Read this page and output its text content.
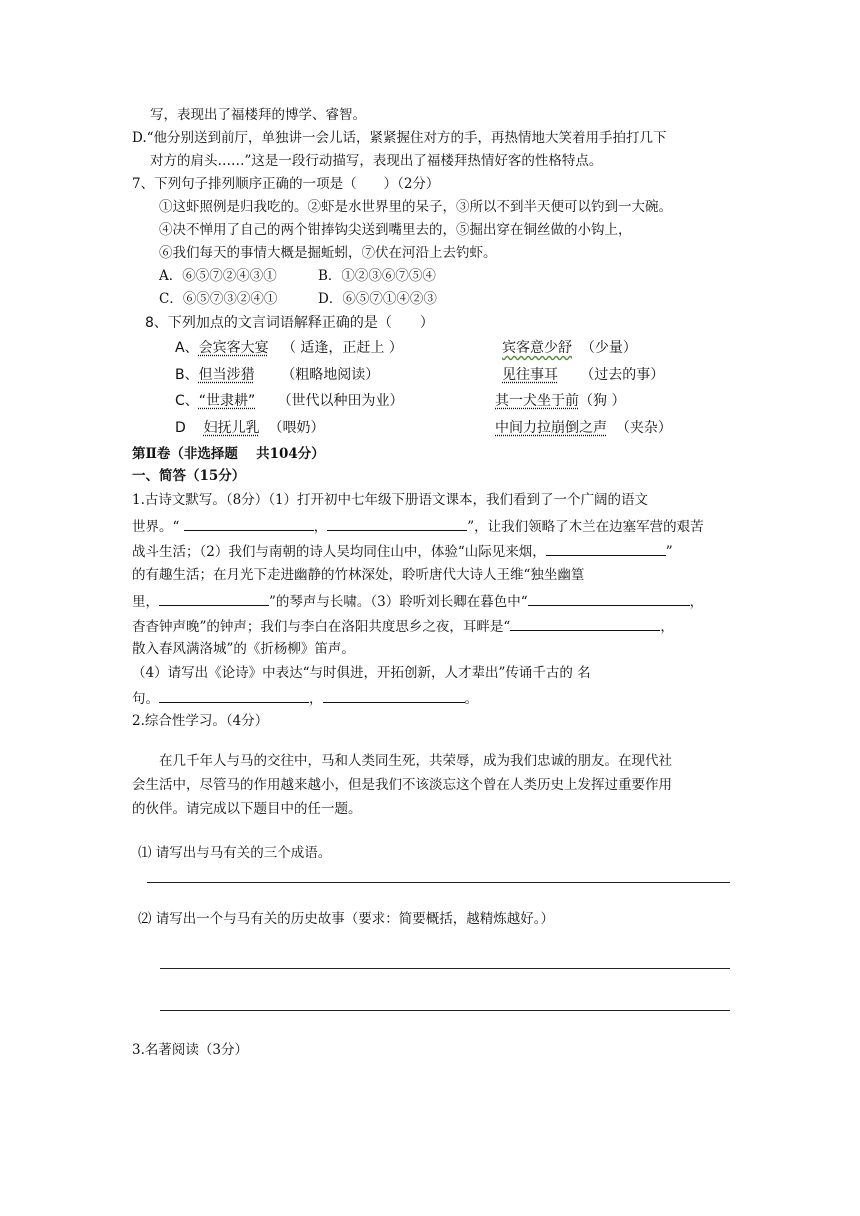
写，表现出了福楼拜的博学、睿智。
D.“他分别送到前厅，单独讲一会儿话，紧紧握住对方的手，再热情地大笑着用手拍打几下
对方的肩头……”这是一段行动描写，表现出了福楼拜热情好客的性格特点。
7、下列句子排列顺序正确的一项是（　　）（2分）
①这虾照例是归我吃的。②虾是水世界里的呆子，③所以不到半天便可以钓到一大碗。
④决不惮用了自己的两个钳捧钩尖送到嘴里去的，⑤掘出穿在铜丝做的小钩上，
⑥我们每天的事情大概是掘蚯蚓，⑦伏在河沿上去钓虾。
A．⑥⑤⑦②④③①	B．①②③⑥⑦⑤④
C．⑥⑤⑦③②④①	D．⑥⑤⑦①④②③
8、下列加点的文言词语解释正确的是（　　）
A、会宾客大宴 （ 适逢，正赶上 ）	宾客意少舒 （少量）
B、但当涉猎 （粗略地阅读）	见往事耳 （过去的事）
C、“世隶耕” （世代以种田为业）	其一犬坐于前（狗 ）
D 妇抚儿乳 （喂奶）	中间力拉崩倒之声 （夹杂）
第Ⅱ卷（非选择题　 共104分）
一、简答（15分）
1.古诗文默写。（8分）（1）打开初中七年级下册语文课本，我们看到了一个广阔的语文
世界。“	，	”，让我们领略了木兰在边塞军营的艰苦
战斗生活；（2）我们与南朝的诗人吴均同住山中，体验“山际见来烟，	”
的有趣生活；在月光下走进幽静的竹林深处，聆听唐代大诗人王维“独坐幽篁
里，	”的琴声与长啸。（3）聆听刘长卿在暮色中“	，
杳杳钟声晚”的钟声；我们与李白在洛阳共度思乡之夜，耳畔是“	，
散入春风满洛城”的《折杨柳》笛声。
（4）请写出《论诗》中表达“与时俱进，开拓创新，人才辈出”传诵千古的 名
句。	，	。
2.综合性学习。（4分）
在几千年人与马的交往中，马和人类同生死，共荣辱，成为我们忠诚的朋友。在现代社
会生活中，尽管马的作用越来越小，但是我们不该淡忘这个曾在人类历史上发挥过重要作用
的伙伴。请完成以下题目中的任一题。
⑴ 请写出与马有关的三个成语。
⑵ 请写出一个与马有关的历史故事（要求：简要概括，越精炼越好。）
3.名著阅读（3分）
